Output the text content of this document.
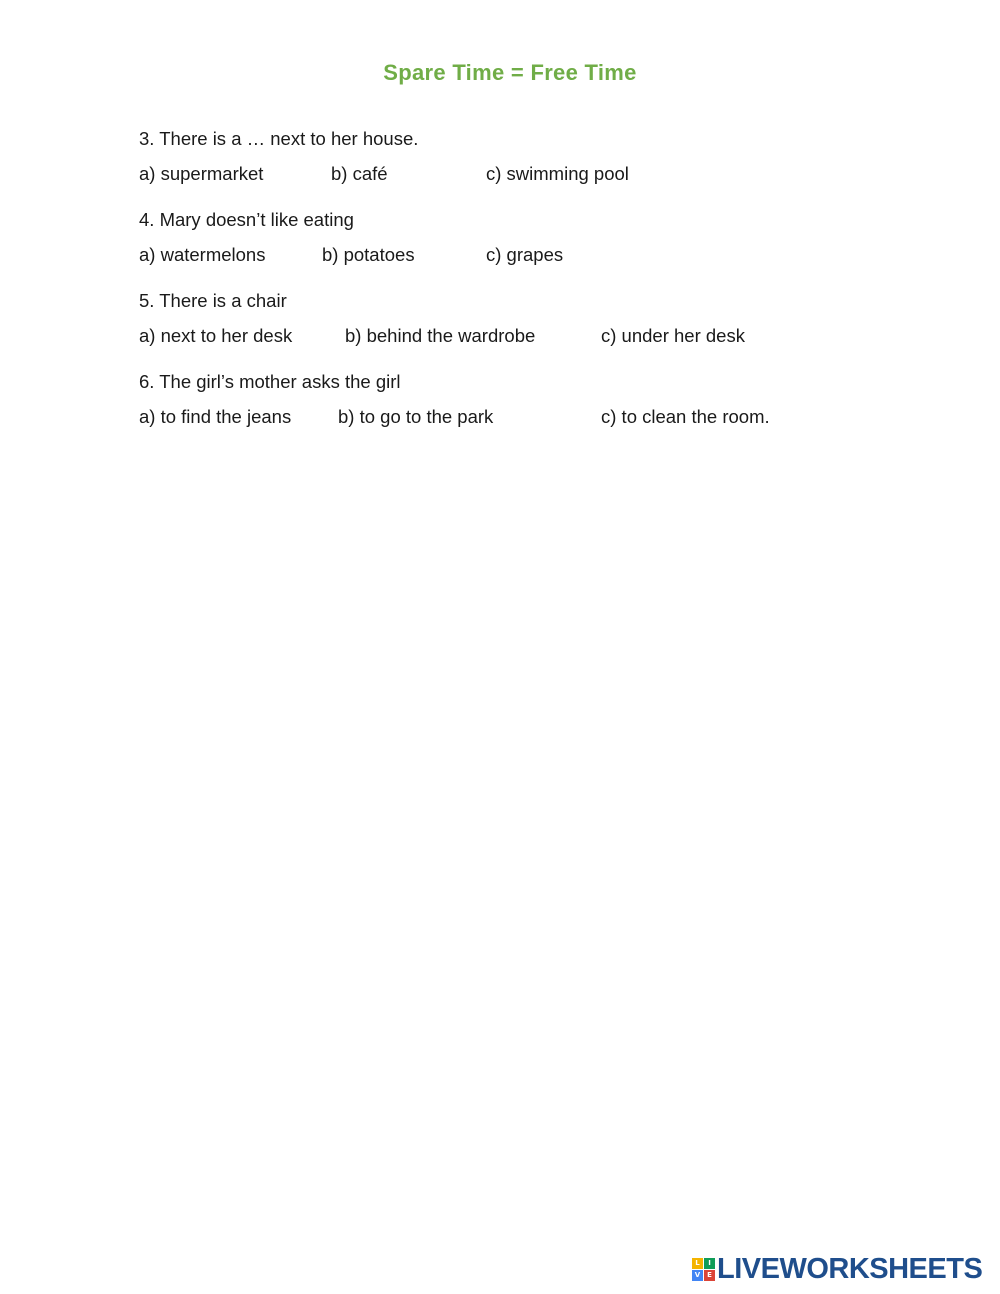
Spare Time = Free Time
3. There is a … next to her house.
a) supermarket	b) café	c) swimming pool
4. Mary doesn’t like eating
a) watermelons	b) potatoes	c) grapes
5. There is a chair
a) next to her desk	b) behind the wardrobe	c) under her desk
6. The girl’s mother asks the girl
a) to find the jeans	b) to go to the park	c) to clean the room.
L	I
V E LIVEWORKSHEETS
